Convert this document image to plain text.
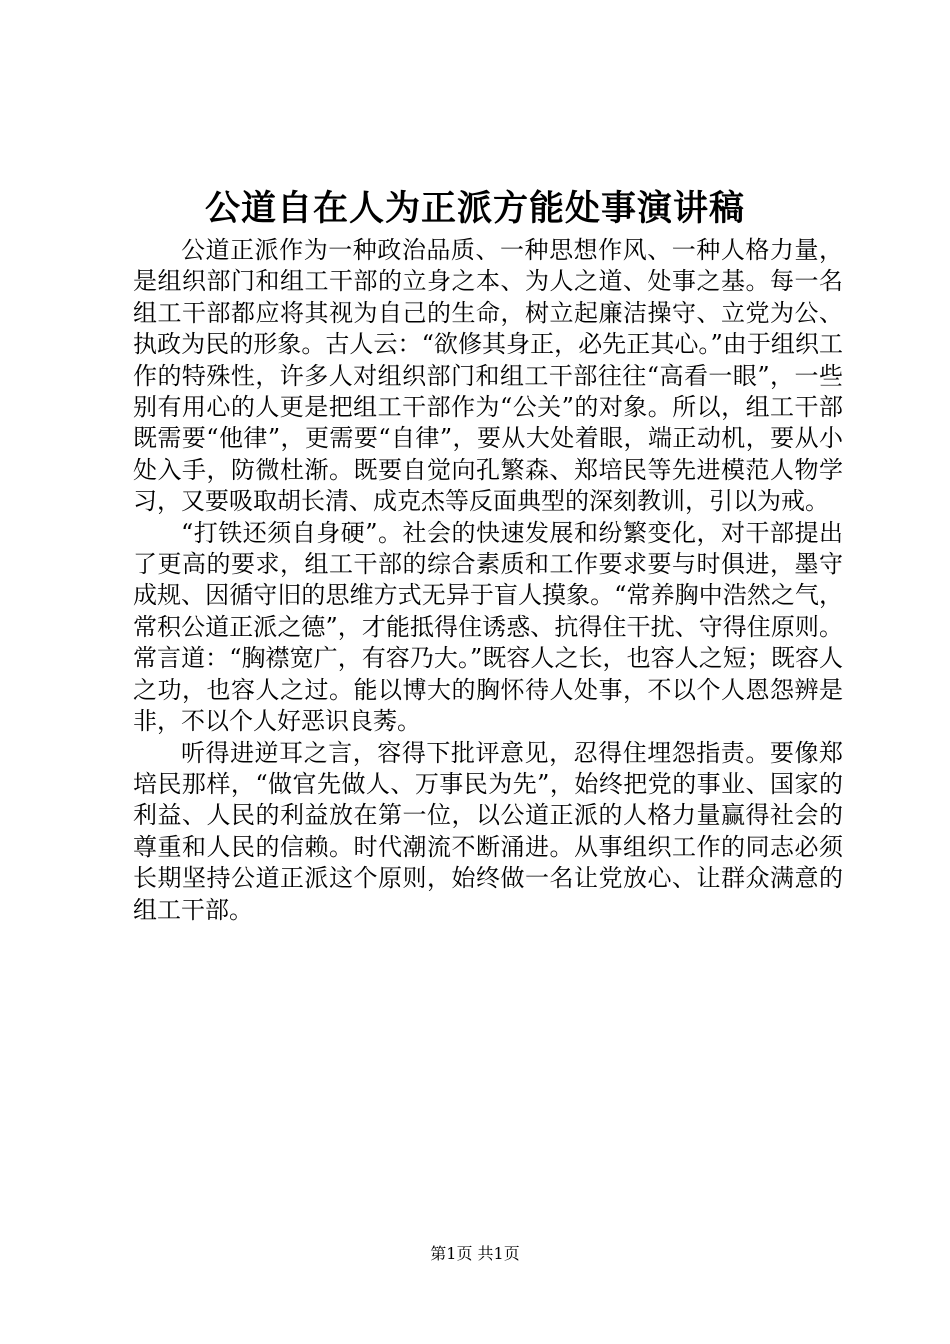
公道自在人为正派方能处事演讲稿

公道正派作为一种政治品质、一种思想作风、一种人格力量，是组织部门和组工干部的立身之本、为人之道、处事之基。每一名组工干部都应将其视为自己的生命，树立起廉洁操守、立党为公、执政为民的形象。古人云：“欲修其身正，必先正其心。”由于组织工作的特殊性，许多人对组织部门和组工干部往往“高看一眼”，一些别有用心的人更是把组工干部作为“公关”的对象。所以，组工干部既需要“他律”，更需要“自律”，要从大处着眼，端正动机，要从小处入手，防微杜渐。既要自觉向孔繁森、郑培民等先进模范人物学习，又要吸取胡长清、成克杰等反面典型的深刻教训，引以为戒。

“打铁还须自身硬”。社会的快速发展和纷繁变化，对干部提出了更高的要求，组工干部的综合素质和工作要求要与时俱进，墨守成规、因循守旧的思维方式无异于盲人摸象。“常养胸中浩然之气，常积公道正派之德”，才能抵得住诱惑、抗得住干扰、守得住原则。常言道：“胸襟宽广，有容乃大。”既容人之长，也容人之短；既容人之功，也容人之过。能以博大的胸怀待人处事，不以个人恩怨辨是非，不以个人好恶识良莠。

听得进逆耳之言，容得下批评意见，忍得住埋怨指责。要像郑培民那样，“做官先做人、万事民为先”，始终把党的事业、国家的利益、人民的利益放在第一位，以公道正派的人格力量赢得社会的尊重和人民的信赖。时代潮流不断涌进。从事组织工作的同志必须长期坚持公道正派这个原则，始终做一名让党放心、让群众满意的组工干部。

第1页 共1页
